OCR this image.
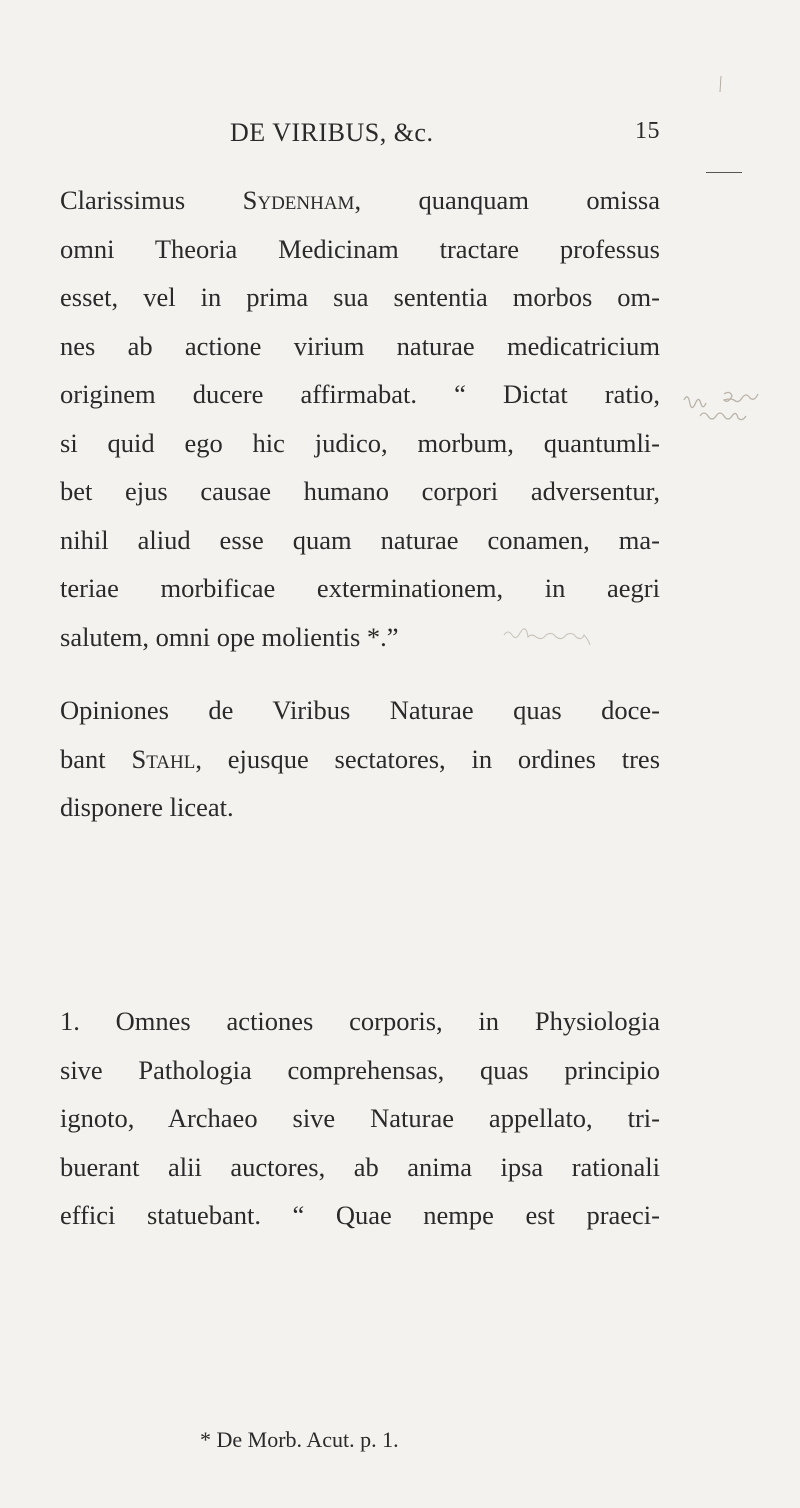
DE VIRIBUS, &c.	15
Clarissimus Sydenham, quanquam omissa
omni Theoria Medicinam tractare professus
esset, vel in prima sua sententia morbos om-
nes ab actione virium naturae medicatricium
originem ducere affirmabat. “ Dictat ratio,
si quid ego hic judico, morbum, quantumli-
bet ejus causae humano corpori adversentur,
nihil aliud esse quam naturae conamen, ma-
teriae morbificae exterminationem, in aegri
salutem, omni ope molientis *.”
Opiniones de Viribus Naturae quas doce-
bant Stahl, ejusque sectatores, in ordines tres
disponere liceat.
1. Omnes actiones corporis, in Physiologia
sive Pathologia comprehensas, quas principio
ignoto, Archaeo sive Naturae appellato, tri-
buerant alii auctores, ab anima ipsa rationali
effici statuebant. “ Quae nempe est praeci-
* De Morb. Acut. p. 1.
